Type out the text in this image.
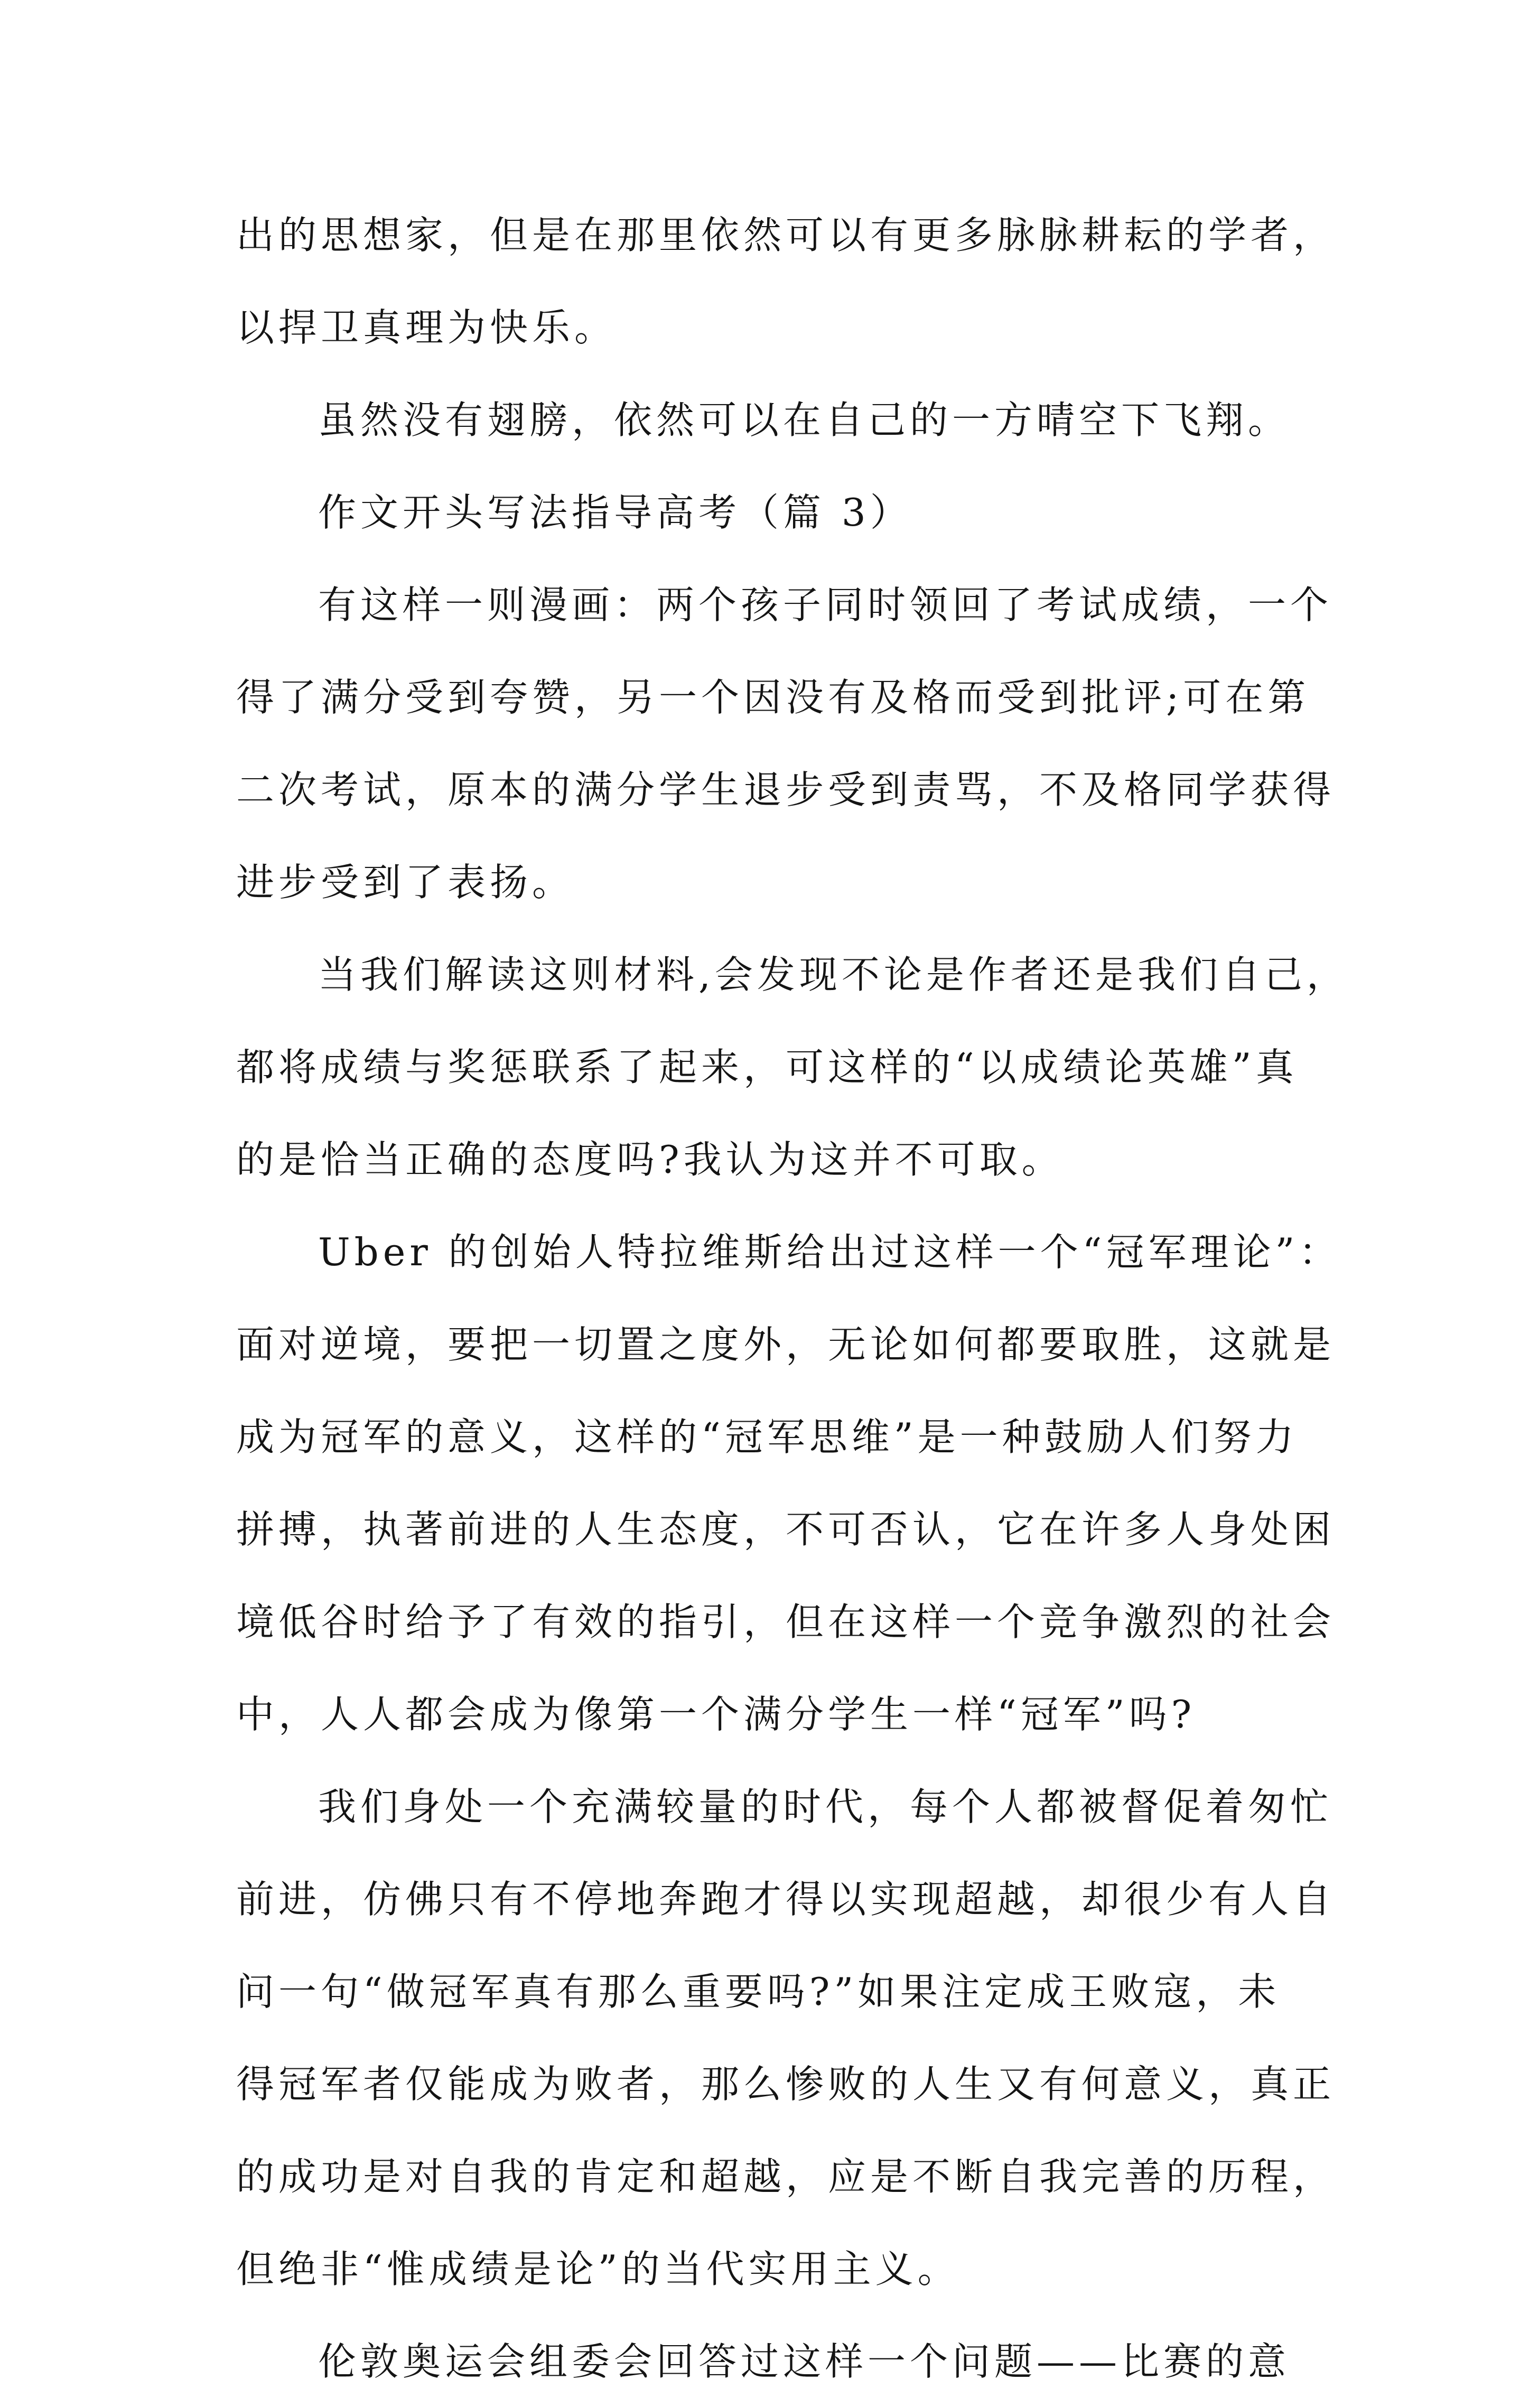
出的思想家，但是在那里依然可以有更多脉脉耕耘的学者，
以捍卫真理为快乐。
虽然没有翅膀，依然可以在自己的一方晴空下飞翔。
作文开头写法指导高考（篇 3）
有这样一则漫画：两个孩子同时领回了考试成绩，一个
得了满分受到夸赞，另一个因没有及格而受到批评;可在第
二次考试，原本的满分学生退步受到责骂，不及格同学获得
进步受到了表扬。
当我们解读这则材料,会发现不论是作者还是我们自己，
都将成绩与奖惩联系了起来，可这样的“以成绩论英雄”真
的是恰当正确的态度吗?我认为这并不可取。
Uber 的创始人特拉维斯给出过这样一个“冠军理论”：
面对逆境，要把一切置之度外，无论如何都要取胜，这就是
成为冠军的意义，这样的“冠军思维”是一种鼓励人们努力
拼搏，执著前进的人生态度，不可否认，它在许多人身处困
境低谷时给予了有效的指引，但在这样一个竞争激烈的社会
中，人人都会成为像第一个满分学生一样“冠军”吗?
我们身处一个充满较量的时代，每个人都被督促着匆忙
前进，仿佛只有不停地奔跑才得以实现超越，却很少有人自
问一句“做冠军真有那么重要吗?”如果注定成王败寇，未
得冠军者仅能成为败者，那么惨败的人生又有何意义，真正
的成功是对自我的肯定和超越，应是不断自我完善的历程，
但绝非“惟成绩是论”的当代实用主义。
伦敦奥运会组委会回答过这样一个问题——比赛的意
